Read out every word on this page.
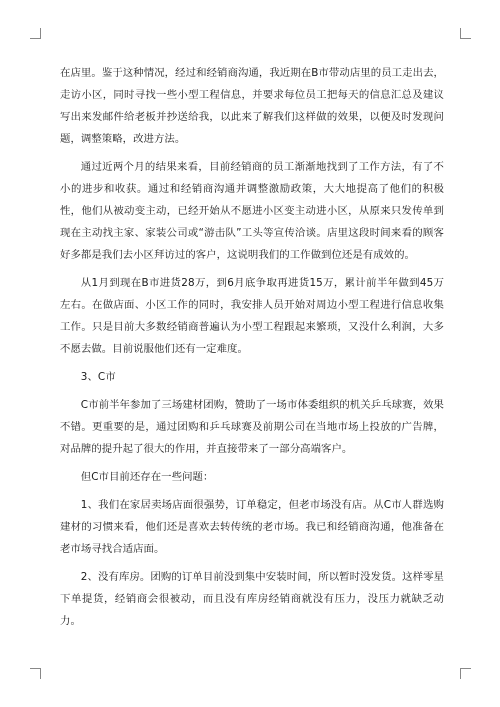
在店里。鉴于这种情况，经过和经销商沟通，我近期在B市带动店里的员工走出去，走访小区，同时寻找一些小型工程信息，并要求每位员工把每天的信息汇总及建议写出来发邮件给老板并抄送给我，以此来了解我们这样做的效果，以便及时发现问题，调整策略，改进方法。

通过近两个月的结果来看，目前经销商的员工渐渐地找到了工作方法，有了不小的进步和收获。通过和经销商沟通并调整激励政策，大大地提高了他们的积极性，他们从被动变主动，已经开始从不愿进小区变主动进小区，从原来只发传单到现在主动找主家、家装公司或“游击队”工头等宣传洽谈。店里这段时间来看的顾客好多都是我们去小区拜访过的客户，这说明我们的工作做到位还是有成效的。

从1月到现在B市进货28万，到6月底争取再进货15万，累计前半年做到45万左右。在做店面、小区工作的同时，我安排人员开始对周边小型工程进行信息收集工作。只是目前大多数经销商普遍认为小型工程跟起来繁琐，又没什么利润，大多不愿去做。目前说服他们还有一定难度。

3、C市

C市前半年参加了三场建材团购，赞助了一场市体委组织的机关乒乓球赛，效果不错。更重要的是，通过团购和乒乓球赛及前期公司在当地市场上投放的广告牌，对品牌的提升起了很大的作用，并直接带来了一部分高端客户。

但C市目前还存在一些问题：

1、我们在家居卖场店面很强势，订单稳定，但老市场没有店。从C市人群选购建材的习惯来看，他们还是喜欢去转传统的老市场。我已和经销商沟通，他准备在老市场寻找合适店面。

2、没有库房。团购的订单目前没到集中安装时间，所以暂时没发货。这样零星下单提货，经销商会很被动，而且没有库房经销商就没有压力，没压力就缺乏动力。
